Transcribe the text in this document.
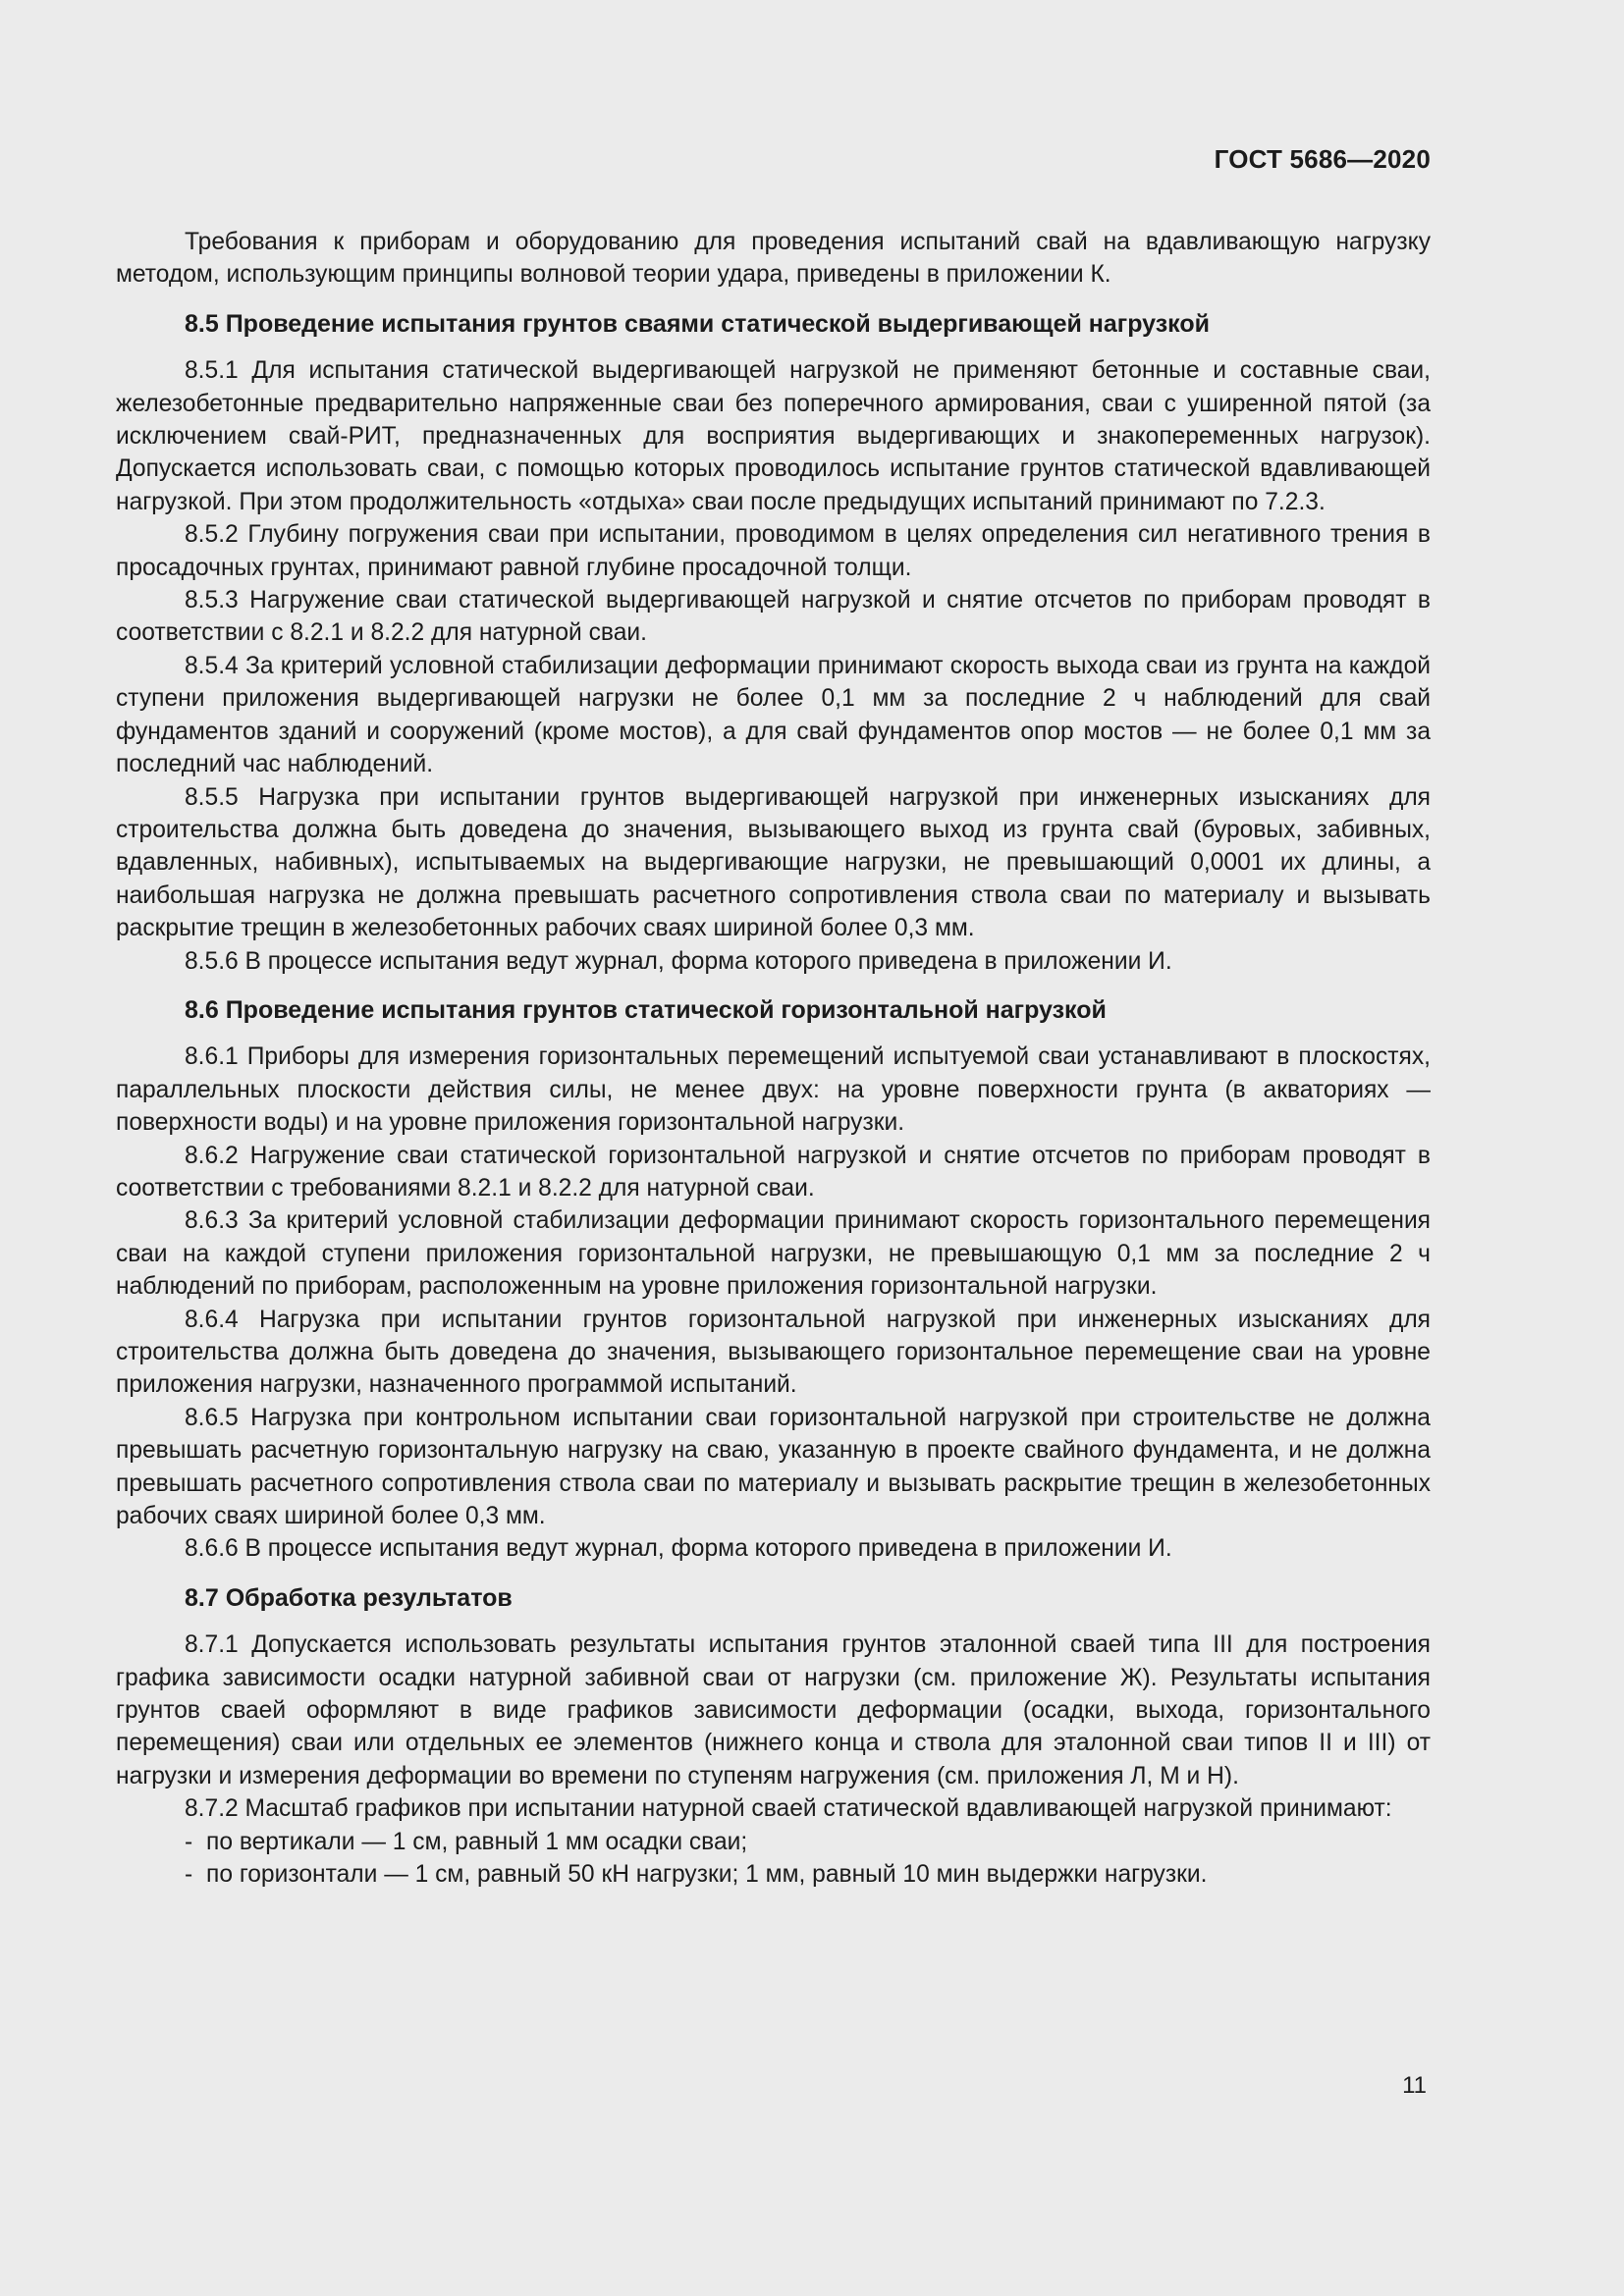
ГОСТ 5686—2020

Требования к приборам и оборудованию для проведения испытаний свай на вдавливающую нагрузку методом, использующим принципы волновой теории удара, приведены в приложении К.

8.5 Проведение испытания грунтов сваями статической выдергивающей нагрузкой

8.5.1 Для испытания статической выдергивающей нагрузкой не применяют бетонные и составные сваи, железобетонные предварительно напряженные сваи без поперечного армирования, сваи с уширенной пятой (за исключением свай-РИТ, предназначенных для восприятия выдергивающих и знакопеременных нагрузок). Допускается использовать сваи, с помощью которых проводилось испытание грунтов статической вдавливающей нагрузкой. При этом продолжительность «отдыха» сваи после предыдущих испытаний принимают по 7.2.3.

8.5.2 Глубину погружения сваи при испытании, проводимом в целях определения сил негативного трения в просадочных грунтах, принимают равной глубине просадочной толщи.

8.5.3 Нагружение сваи статической выдергивающей нагрузкой и снятие отсчетов по приборам проводят в соответствии с 8.2.1 и 8.2.2 для натурной сваи.

8.5.4 За критерий условной стабилизации деформации принимают скорость выхода сваи из грунта на каждой ступени приложения выдергивающей нагрузки не более 0,1 мм за последние 2 ч наблюдений для свай фундаментов зданий и сооружений (кроме мостов), а для свай фундаментов опор мостов — не более 0,1 мм за последний час наблюдений.

8.5.5 Нагрузка при испытании грунтов выдергивающей нагрузкой при инженерных изысканиях для строительства должна быть доведена до значения, вызывающего выход из грунта свай (буровых, забивных, вдавленных, набивных), испытываемых на выдергивающие нагрузки, не превышающий 0,0001 их длины, а наибольшая нагрузка не должна превышать расчетного сопротивления ствола сваи по материалу и вызывать раскрытие трещин в железобетонных рабочих сваях шириной более 0,3 мм.

8.5.6 В процессе испытания ведут журнал, форма которого приведена в приложении И.

8.6 Проведение испытания грунтов статической горизонтальной нагрузкой

8.6.1 Приборы для измерения горизонтальных перемещений испытуемой сваи устанавливают в плоскостях, параллельных плоскости действия силы, не менее двух: на уровне поверхности грунта (в акваториях — поверхности воды) и на уровне приложения горизонтальной нагрузки.

8.6.2 Нагружение сваи статической горизонтальной нагрузкой и снятие отсчетов по приборам проводят в соответствии с требованиями 8.2.1 и 8.2.2 для натурной сваи.

8.6.3 За критерий условной стабилизации деформации принимают скорость горизонтального перемещения сваи на каждой ступени приложения горизонтальной нагрузки, не превышающую 0,1 мм за последние 2 ч наблюдений по приборам, расположенным на уровне приложения горизонтальной нагрузки.

8.6.4 Нагрузка при испытании грунтов горизонтальной нагрузкой при инженерных изысканиях для строительства должна быть доведена до значения, вызывающего горизонтальное перемещение сваи на уровне приложения нагрузки, назначенного программой испытаний.

8.6.5 Нагрузка при контрольном испытании сваи горизонтальной нагрузкой при строительстве не должна превышать расчетную горизонтальную нагрузку на сваю, указанную в проекте свайного фундамента, и не должна превышать расчетного сопротивления ствола сваи по материалу и вызывать раскрытие трещин в железобетонных рабочих сваях шириной более 0,3 мм.

8.6.6 В процессе испытания ведут журнал, форма которого приведена в приложении И.

8.7 Обработка результатов

8.7.1 Допускается использовать результаты испытания грунтов эталонной сваей типа III для построения графика зависимости осадки натурной забивной сваи от нагрузки (см. приложение Ж). Результаты испытания грунтов сваей оформляют в виде графиков зависимости деформации (осадки, выхода, горизонтального перемещения) сваи или отдельных ее элементов (нижнего конца и ствола для эталонной сваи типов II и III) от нагрузки и измерения деформации во времени по ступеням нагружения (см. приложения Л, М и Н).

8.7.2 Масштаб графиков при испытании натурной сваей статической вдавливающей нагрузкой принимают:

- по вертикали — 1 см, равный 1 мм осадки сваи;
- по горизонтали — 1 см, равный 50 кН нагрузки; 1 мм, равный 10 мин выдержки нагрузки.
11
